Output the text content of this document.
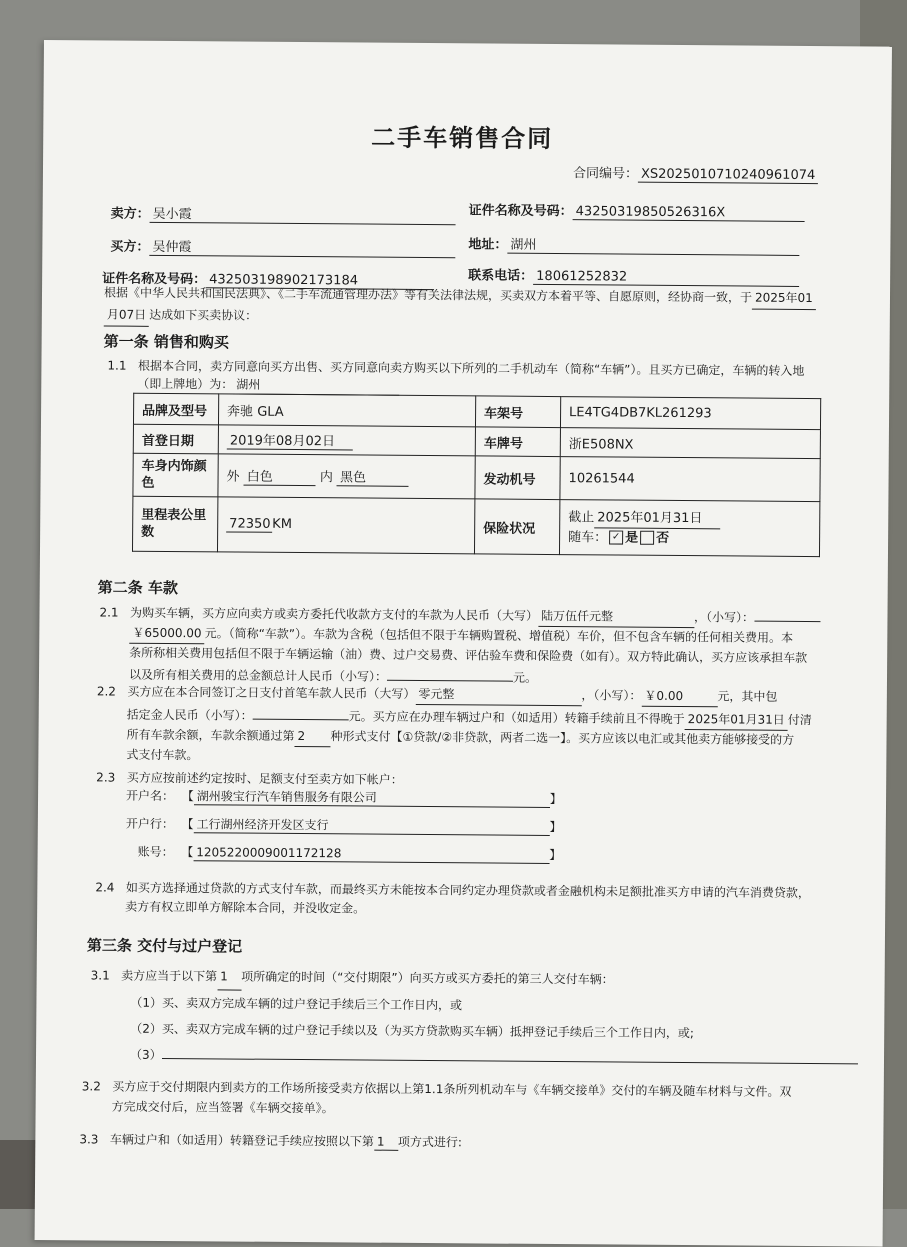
二手车销售合同
合同编号： XS2025010710240961074
卖方： 吴小霞	证件名称及号码： 43250319850526316X
买方： 吴仲霞	地址： 湖州
证件名称及号码： 432503198902173184	联系电话： 18061252832
根据《中华人民共和国民法典》、《二手车流通管理办法》等有关法律法规，买卖双方本着平等、自愿原则，经协商一致，于 2025年01
月07日 达成如下买卖协议：
第一条 销售和购买
1.1 根据本合同，卖方同意向买方出售、买方同意向卖方购买以下所列的二手机动车（简称“车辆”）。且买方已确定，车辆的转入地
（即上牌地）为： 湖州
品牌及型号	奔驰 GLA	车架号	LE4TG4DB7KL261293
首登日期	2019年08月02日	车牌号	浙E508NX
车身内饰颜色	外 白色 内 黑色	发动机号	10261544
里程表公里数	72350 KM	保险状况	截止 2025年01月31日
随车： ✓ 是 否
第二条 车款
2.1 为购买车辆，买方应向卖方或卖方委托代收款方支付的车款为人民币（大写） 陆万伍仟元整	，（小写）：
￥65000.00 元。（简称“车款”）。车款为含税（包括但不限于车辆购置税、增值税）车价，但不包含车辆的任何相关费用。本
条所称相关费用包括但不限于车辆运输（油）费、过户交易费、评估验车费和保险费（如有）。双方特此确认，买方应该承担车款
以及所有相关费用的总金额总计人民币（小写）：	元。
2.2 买方应在本合同签订之日支付首笔车款人民币（大写） 零元整	，（小写）： ￥0.00	元，其中包
括定金人民币（小写）：	元。买方应在办理车辆过户和（如适用）转籍手续前且不得晚于 2025年01月31日 付清
所有车款余额，车款余额通过第 2 种形式支付【①贷款/②非贷款，两者二选一】。买方应该以电汇或其他卖方能够接受的方
式支付车款。
2.3 买方应按前述约定按时、足额支付至卖方如下帐户：
开户名： 【 湖州骏宝行汽车销售服务有限公司	】
开户行： 【 工行湖州经济开发区支行	】
账号： 【 1205220009001172128	】
2.4 如买方选择通过贷款的方式支付车款，而最终买方未能按本合同约定办理贷款或者金融机构未足额批准买方申请的汽车消费贷款，
卖方有权立即单方解除本合同，并没收定金。
第三条 交付与过户登记
3.1 卖方应当于以下第 1 项所确定的时间（“交付期限”）向买方或买方委托的第三人交付车辆：
（1）买、卖双方完成车辆的过户登记手续后三个工作日内，或
（2）买、卖双方完成车辆的过户登记手续以及（为买方贷款购买车辆）抵押登记手续后三个工作日内，或;
（3）
3.2 买方应于交付期限内到卖方的工作场所接受卖方依据以上第1.1条所列机动车与《车辆交接单》交付的车辆及随车材料与文件。双
方完成交付后，应当签署《车辆交接单》。
3.3 车辆过户和（如适用）转籍登记手续应按照以下第 1 项方式进行:
